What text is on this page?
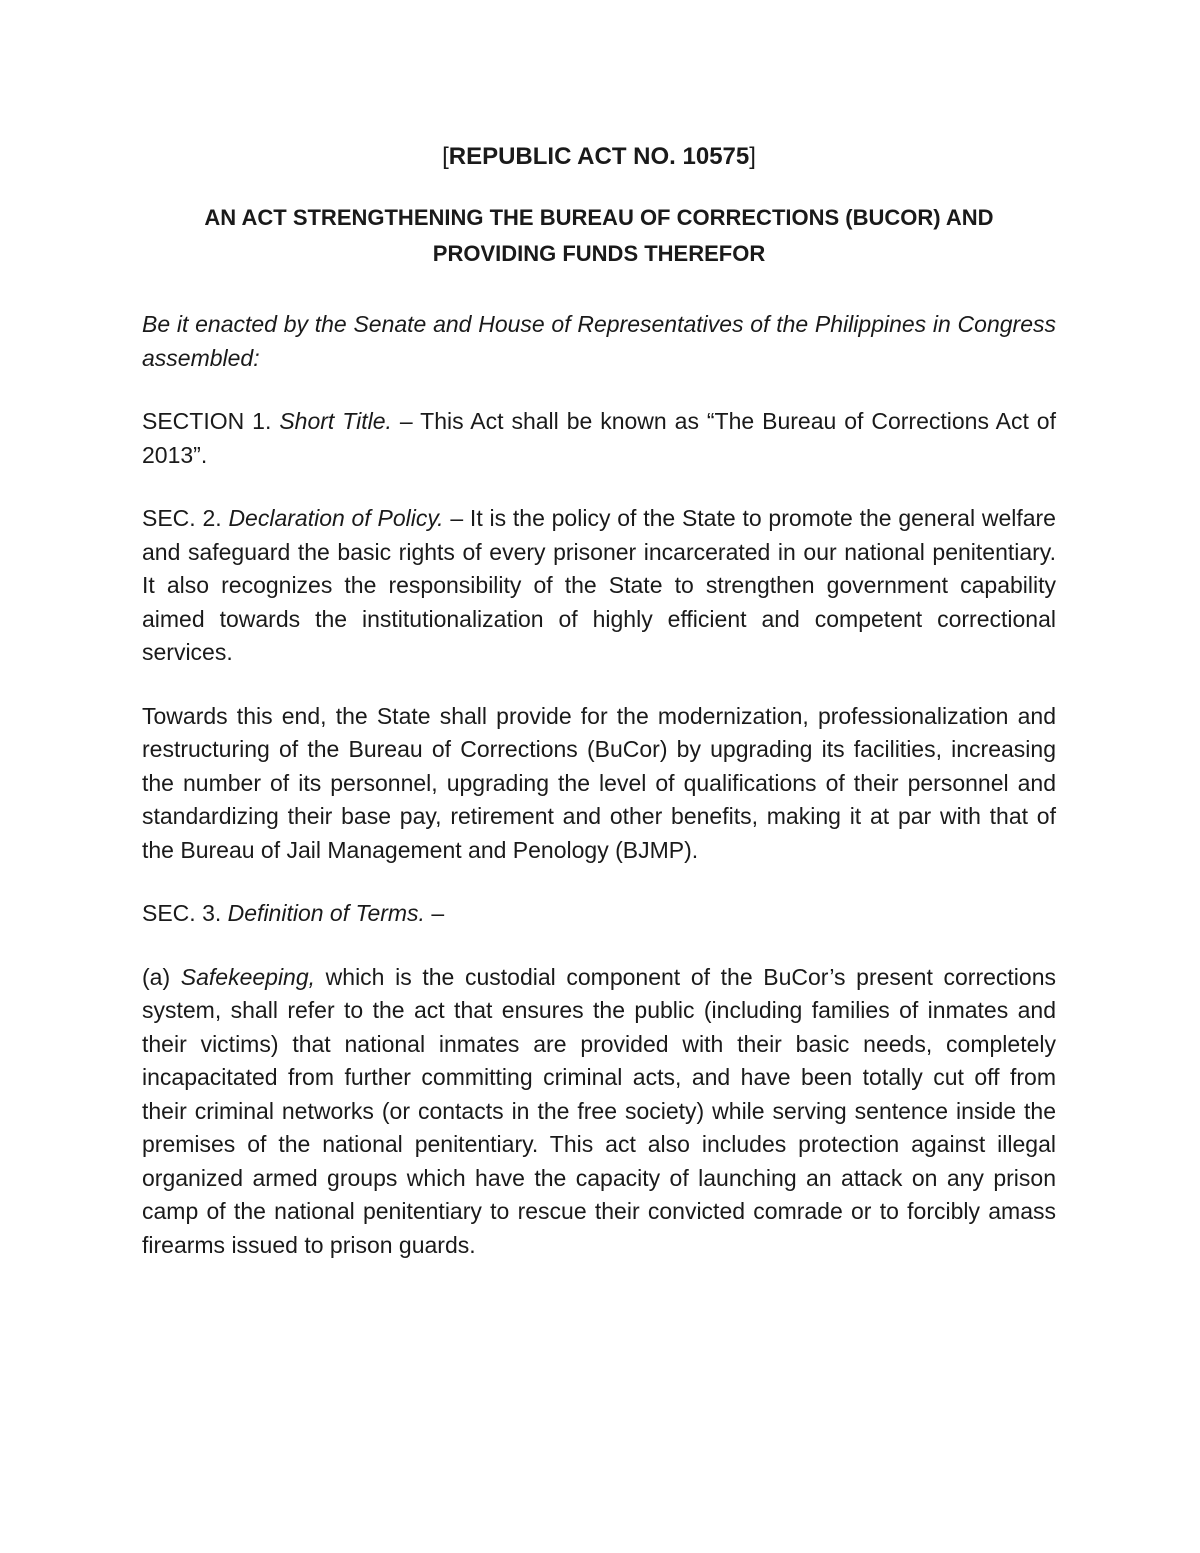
[REPUBLIC ACT NO. 10575]
AN ACT STRENGTHENING THE BUREAU OF CORRECTIONS (BUCOR) AND
PROVIDING FUNDS THEREFOR

Be it enacted by the Senate and House of Representatives of the Philippines in Congress assembled:

SECTION 1. Short Title. – This Act shall be known as “The Bureau of Corrections Act of 2013”.

SEC. 2. Declaration of Policy. – It is the policy of the State to promote the general welfare and safeguard the basic rights of every prisoner incarcerated in our national penitentiary. It also recognizes the responsibility of the State to strengthen government capability aimed towards the institutionalization of highly efficient and competent correctional services.

Towards this end, the State shall provide for the modernization, professionalization and restructuring of the Bureau of Corrections (BuCor) by upgrading its facilities, increasing the number of its personnel, upgrading the level of qualifications of their personnel and standardizing their base pay, retirement and other benefits, making it at par with that of the Bureau of Jail Management and Penology (BJMP).

SEC. 3. Definition of Terms. –

(a) Safekeeping, which is the custodial component of the BuCor’s present corrections system, shall refer to the act that ensures the public (including families of inmates and their victims) that national inmates are provided with their basic needs, completely incapacitated from further committing criminal acts, and have been totally cut off from their criminal networks (or contacts in the free society) while serving sentence inside the premises of the national penitentiary. This act also includes protection against illegal organized armed groups which have the capacity of launching an attack on any prison camp of the national penitentiary to rescue their convicted comrade or to forcibly amass firearms issued to prison guards.
